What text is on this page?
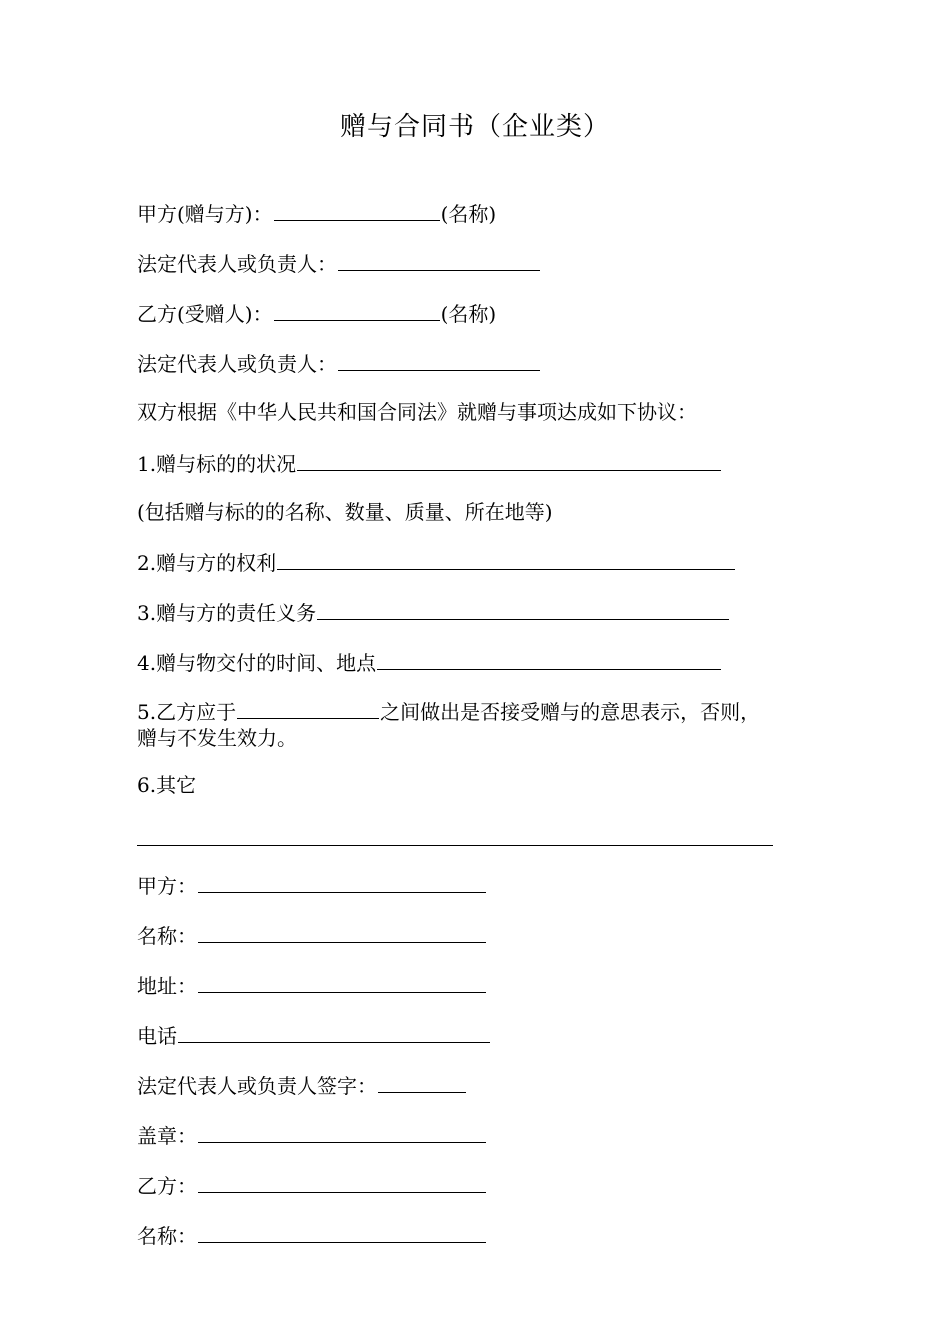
赠与合同书（企业类）
甲方(赠与方)：	(名称)
法定代表人或负责人：
乙方(受赠人)：	(名称)
法定代表人或负责人：
双方根据《中华人民共和国合同法》就赠与事项达成如下协议：
1.赠与标的的状况
(包括赠与标的的名称、数量、质量、所在地等)
2.赠与方的权利
3.赠与方的责任义务
4.赠与物交付的时间、地点
5.乙方应于	之间做出是否接受赠与的意思表示，否则，
赠与不发生效力。
6.其它
甲方：
名称：
地址：
电话
法定代表人或负责人签字：
盖章：
乙方：
名称：
